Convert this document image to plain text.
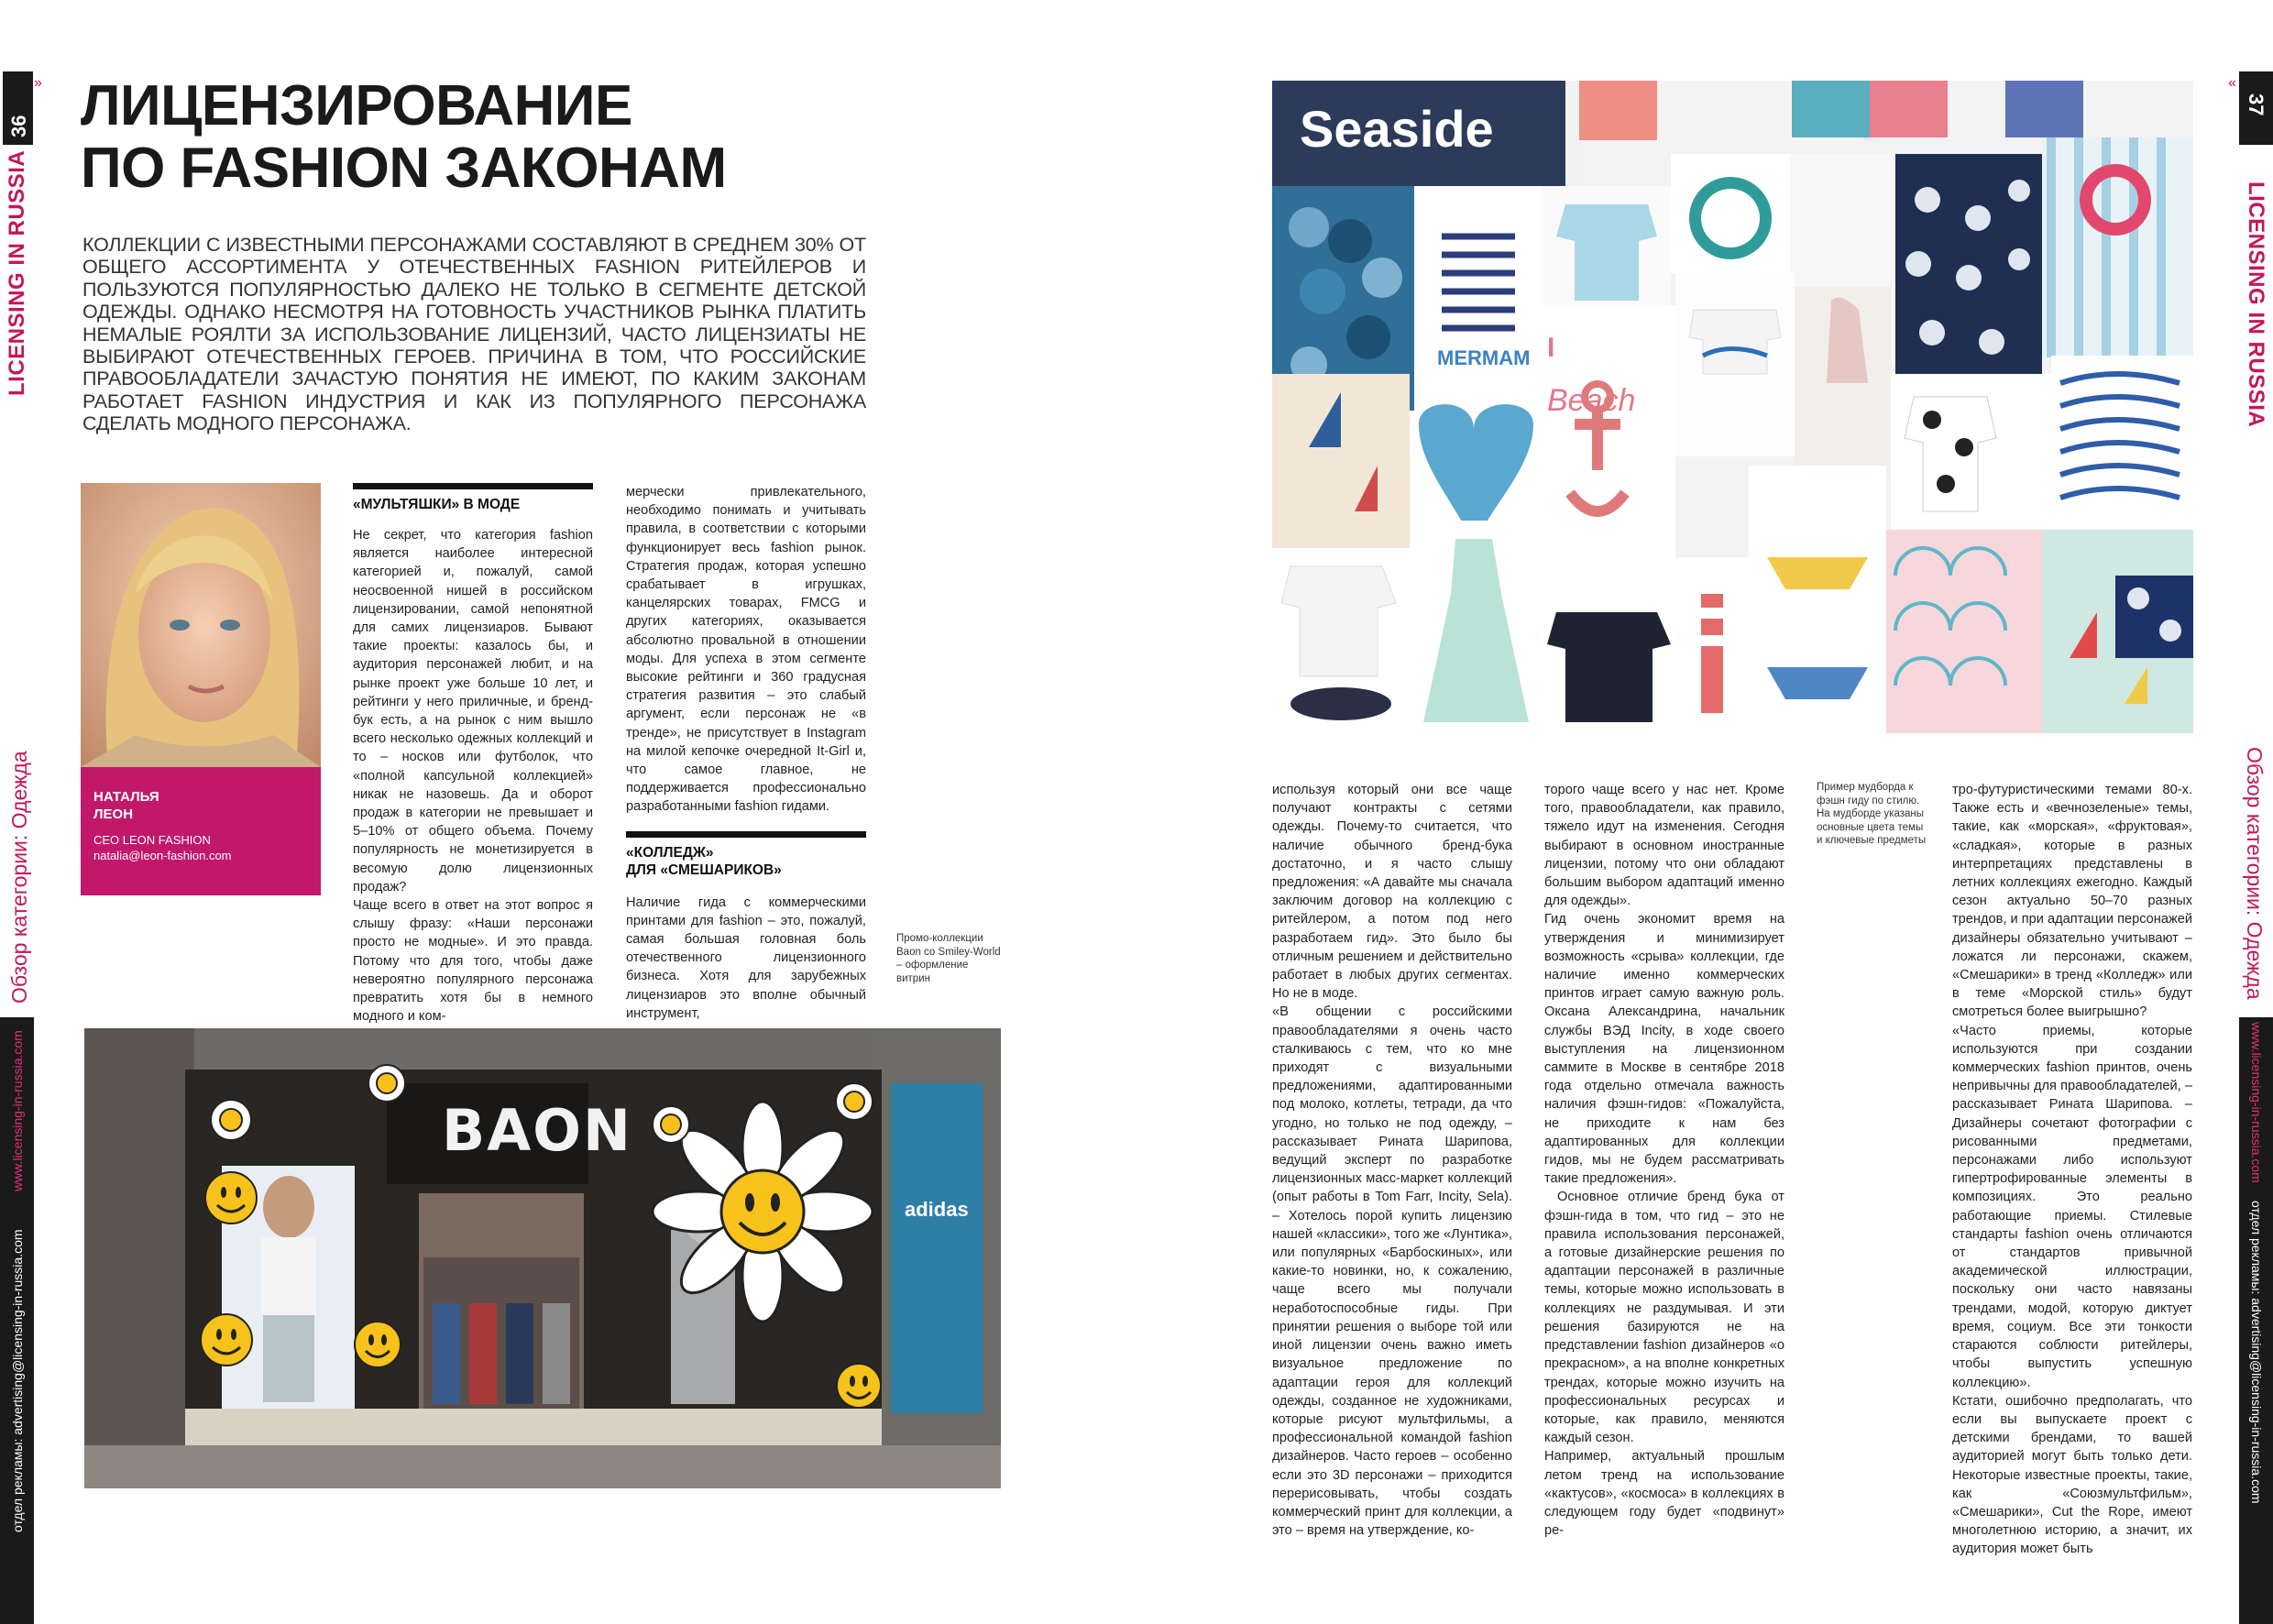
36
LICENSING IN RUSSIA
Обзор категории: Одежда
www.licensing-in-russia.com
отдел рекламы: advertising@licensing-in-russia.com
»
37
LICENSING IN RUSSIA
Обзор категории: Одежда
www.licensing-in-russia.com
отдел рекламы: advertising@licensing-in-russia.com
«
ЛИЦЕНЗИРОВАНИЕ
ПО FASHION ЗАКОНАМ
КОЛЛЕКЦИИ С ИЗВЕСТНЫМИ ПЕРСОНАЖАМИ СОСТАВЛЯЮТ В СРЕДНЕМ 30% ОТ ОБЩЕГО АССОРТИМЕНТА У ОТЕЧЕСТВЕННЫХ FASHION РИТЕЙЛЕРОВ И ПОЛЬЗУЮТСЯ ПОПУЛЯРНОСТЬЮ ДАЛЕКО НЕ ТОЛЬКО В СЕГМЕНТЕ ДЕТСКОЙ ОДЕЖДЫ. ОДНАКО НЕСМОТРЯ НА ГОТОВНОСТЬ УЧАСТНИКОВ РЫНКА ПЛАТИТЬ НЕМАЛЫЕ РОЯЛТИ ЗА ИСПОЛЬЗОВАНИЕ ЛИЦЕНЗИЙ, ЧАСТО ЛИЦЕНЗИАТЫ НЕ ВЫБИРАЮТ ОТЕЧЕСТВЕННЫХ ГЕРОЕВ. ПРИЧИНА В ТОМ, ЧТО РОССИЙСКИЕ ПРАВООБЛАДАТЕЛИ ЗАЧАСТУЮ ПОНЯТИЯ НЕ ИМЕЮТ, ПО КАКИМ ЗАКОНАМ РАБОТАЕТ FASHION ИНДУСТРИЯ И КАК ИЗ ПОПУЛЯРНОГО ПЕРСОНАЖА СДЕЛАТЬ МОДНОГО ПЕРСОНАЖА.
НАТАЛЬЯ
ЛЕОН
CEO LEON FASHION
natalia@leon-fashion.com
«МУЛЬТЯШКИ» В МОДЕ

Не секрет, что категория fashion является наиболее интересной категорией и, пожалуй, самой неосвоенной нишей в российском лицензировании, самой непонятной для самих лицензиаров. Бывают такие проекты: казалось бы, и аудитория персонажей любит, и на рынке проект уже больше 10 лет, и рейтинги у него приличные, и бренд-бук есть, а на рынок с ним вышло всего несколько одежных коллекций и то – носков или футболок, что «полной капсульной коллекцией» никак не назовешь. Да и оборот продаж в категории не превышает и 5–10% от общего объема. Почему популярность не монетизируется в весомую долю лицензионных продаж?

Чаще всего в ответ на этот вопрос я слышу фразу: «Наши персонажи просто не модные». И это правда. Потому что для того, чтобы даже невероятно популярного персонажа превратить хотя бы в немного модного и ком-

мерчески привлекательного, необходимо понимать и учитывать правила, в соответствии с которыми функционирует весь fashion рынок. Стратегия продаж, которая успешно срабатывает в игрушках, канцелярских товарах, FMCG и других категориях, оказывается абсолютно провальной в отношении моды. Для успеха в этом сегменте высокие рейтинги и 360 градусная стратегия развития – это слабый аргумент, если персонаж не «в тренде», не присутствует в Instagram на милой кепочке очередной It-Girl и, что самое главное, не поддерживается профессионально разработанными fashion гидами.

«КОЛЛЕДЖ»
ДЛЯ «СМЕШАРИКОВ»

Наличие гида с коммерческими принтами для fashion – это, пожалуй, самая большая головная боль отечественного лицензионного бизнеса. Хотя для зарубежных лицензиаров это вполне обычный инструмент,

Промо-коллекции Baon со Smiley-World – оформление витрин
BAON
adidas
Seaside
MERMAM I
Beach

используя который они все чаще получают контракты с сетями одежды. Почему-то считается, что наличие обычного бренд-бука достаточно, и я часто слышу предложения: «А давайте мы сначала заключим договор на коллекцию с ритейлером, а потом под него разработаем гид». Это было бы отличным решением и действительно работает в любых других сегментах. Но не в моде.

«В общении с российскими правообладателями я очень часто сталкиваюсь с тем, что ко мне приходят с визуальными предложениями, адаптированными под молоко, котлеты, тетради, да что угодно, но только не под одежду, – рассказывает Рината Шарипова, ведущий эксперт по разработке лицензионных масс-маркет коллекций (опыт работы в Tom Farr, Incity, Sela). – Хотелось порой купить лицензию нашей «классики», того же «Лунтика», или популярных «Барбоскиных», или какие-то новинки, но, к сожалению, чаще всего мы получали неработоспособные гиды. При принятии решения о выборе той или иной лицензии очень важно иметь визуальное предложение по адаптации героя для коллекций одежды, созданное не художниками, которые рисуют мультфильмы, а профессиональной командой fashion дизайнеров. Часто героев – особенно если это 3D персонажи – приходится перерисовывать, чтобы создать коммерческий принт для коллекции, а это – время на утверждение, ко-

торого чаще всего у нас нет. Кроме того, правообладатели, как правило, тяжело идут на изменения. Сегодня выбирают в основном иностранные лицензии, потому что они обладают большим выбором адаптаций именно для одежды».

Гид очень экономит время на утверждения и минимизирует возможность «срыва» коллекции, где наличие именно коммерческих принтов играет самую важную роль. Оксана Александрина, начальник службы ВЭД Incity, в ходе своего выступления на лицензионном саммите в Москве в сентябре 2018 года отдельно отмечала важность наличия фэшн-гидов: «Пожалуйста, не приходите к нам без адаптированных для коллекции гидов, мы не будем рассматривать такие предложения».

Основное отличие бренд бука от фэшн-гида в том, что гид – это не правила использования персонажей, а готовые дизайнерские решения по адаптации персонажей в различные темы, которые можно использовать в коллекциях не раздумывая. И эти решения базируются не на представлении fashion дизайнеров «о прекрасном», а на вполне конкретных трендах, которые можно изучить на профессиональных ресурсах и которые, как правило, меняются каждый сезон.

Например, актуальный прошлым летом тренд на использование «кактусов», «космоса» в коллекциях в следующем году будет «подвинут» ре-

Пример мудборда к фэшн гиду по стилю. На мудборде указаны основные цвета темы и ключевые предметы

тро-футуристическими темами 80-х. Также есть и «вечнозеленые» темы, такие, как «морская», «фруктовая», «сладкая», которые в разных интерпретациях представлены в летних коллекциях ежегодно. Каждый сезон актуально 50–70 разных трендов, и при адаптации персонажей дизайнеры обязательно учитывают – ложатся ли персонажи, скажем, «Смешарики» в тренд «Колледж» или в теме «Морской стиль» будут смотреться более выигрышно?

«Часто приемы, которые используются при создании коммерческих fashion принтов, очень непривычны для правообладателей, – рассказывает Рината Шарипова. – Дизайнеры сочетают фотографии с рисованными предметами, персонажами либо используют гипертрофированные элементы в композициях. Это реально работающие приемы. Стилевые стандарты fashion очень отличаются от стандартов привычной академической иллюстрации, поскольку они часто навязаны трендами, модой, которую диктует время, социум. Все эти тонкости стараются соблюсти ритейлеры, чтобы выпустить успешную коллекцию».

Кстати, ошибочно предполагать, что если вы выпускаете проект с детскими брендами, то вашей аудиторией могут быть только дети. Некоторые известные проекты, такие, как «Союзмультфильм», «Смешарики», Cut the Rope, имеют многолетнюю историю, а значит, их аудитория может быть
